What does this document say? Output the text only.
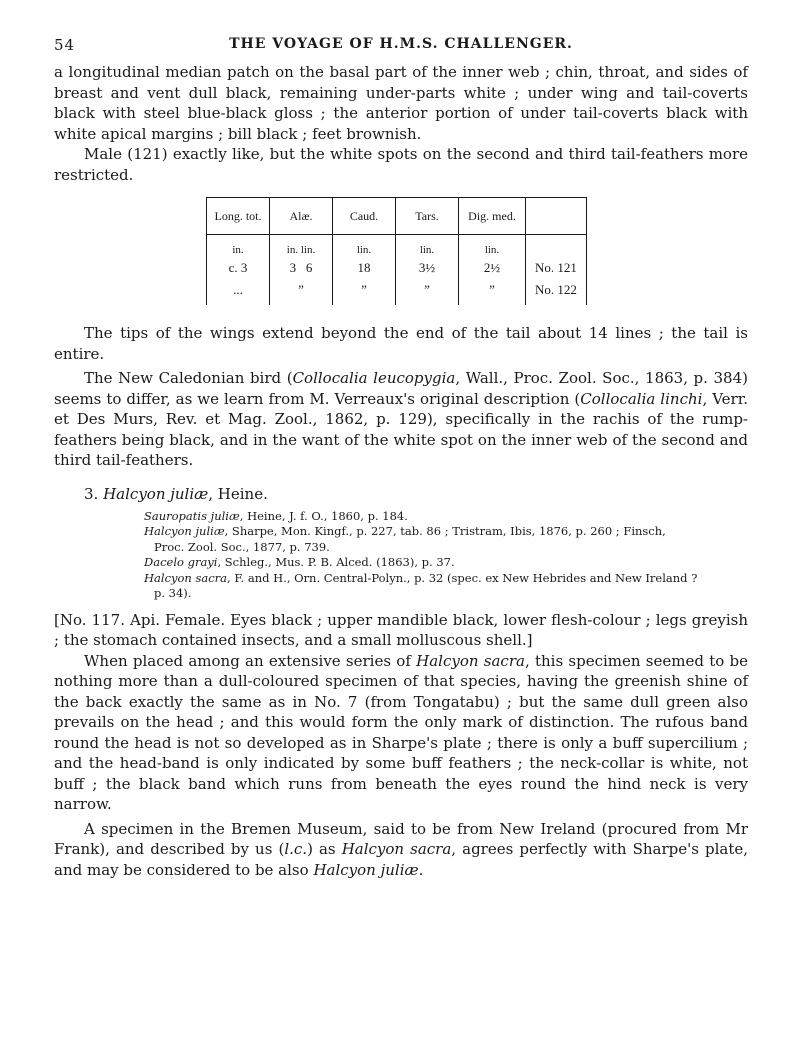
54	THE VOYAGE OF H.M.S. CHALLENGER.

a longitudinal median patch on the basal part of the inner web ; chin, throat, and sides of breast and vent dull black, remaining under-parts white ; under wing and tail-coverts black with steel blue-black gloss ; the anterior portion of under tail-coverts black with white apical margins ; bill black ; feet brownish.

Male (121) exactly like, but the white spots on the second and third tail-feathers more restricted.

Long. tot.	Alæ.	Caud.	Tars.	Dig. med.	
in.	in. lin.	lin.	lin.	lin.	
c. 3	3   6	18	3½	2½	No. 121
...	”	”	”	”	No. 122

The tips of the wings extend beyond the end of the tail about 14 lines ; the tail is entire.

The New Caledonian bird (Collocalia leucopygia, Wall., Proc. Zool. Soc., 1863, p. 384) seems to differ, as we learn from M. Verreaux's original description (Collocalia linchi, Verr. et Des Murs, Rev. et Mag. Zool., 1862, p. 129), specifically in the rachis of the rump-feathers being black, and in the want of the white spot on the inner web of the second and third tail-feathers.

3. Halcyon juliæ, Heine.
Sauropatis juliæ, Heine, J. f. O., 1860, p. 184.
Halcyon juliæ, Sharpe, Mon. Kingf., p. 227, tab. 86 ; Tristram, Ibis, 1876, p. 260 ; Finsch,
Proc. Zool. Soc., 1877, p. 739.
Dacelo grayi, Schleg., Mus. P. B. Alced. (1863), p. 37.
Halcyon sacra, F. and H., Orn. Central-Polyn., p. 32 (spec. ex New Hebrides and New Ireland ?
p. 34).

[No. 117. Api. Female. Eyes black ; upper mandible black, lower flesh-colour ; legs greyish ; the stomach contained insects, and a small molluscous shell.]

When placed among an extensive series of Halcyon sacra, this specimen seemed to be nothing more than a dull-coloured specimen of that species, having the greenish shine of the back exactly the same as in No. 7 (from Tongatabu) ; but the same dull green also prevails on the head ; and this would form the only mark of distinction. The rufous band round the head is not so developed as in Sharpe's plate ; there is only a buff supercilium ; and the head-band is only indicated by some buff feathers ; the neck-collar is white, not buff ; the black band which runs from beneath the eyes round the hind neck is very narrow.

A specimen in the Bremen Museum, said to be from New Ireland (procured from Mr Frank), and described by us (l.c.) as Halcyon sacra, agrees perfectly with Sharpe's plate, and may be considered to be also Halcyon juliæ.
